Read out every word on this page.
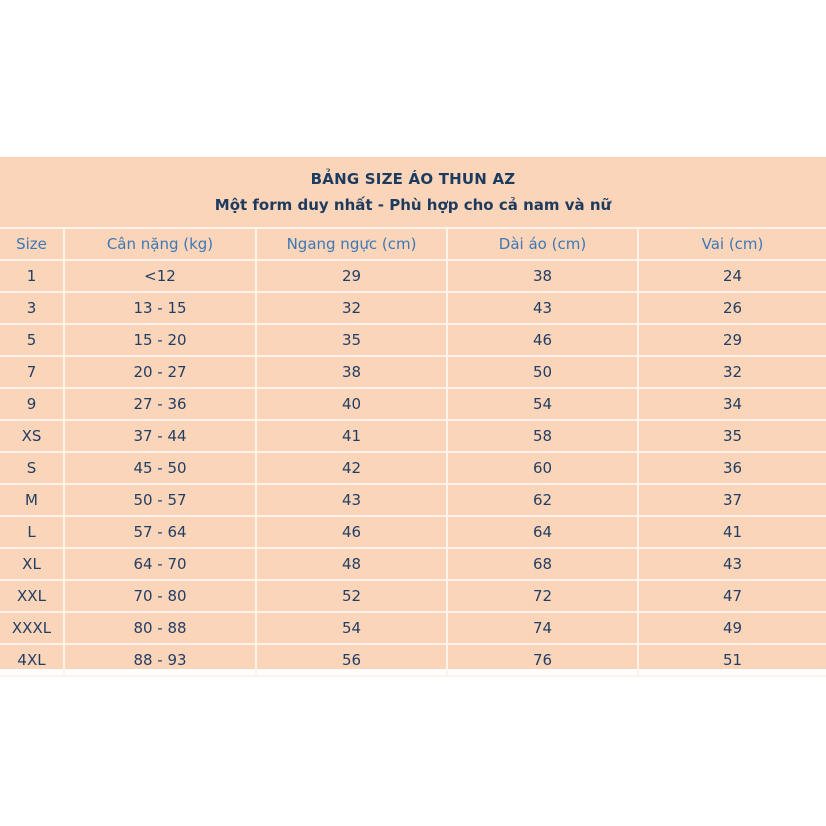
BẢNG SIZE ÁO THUN AZ
Một form duy nhất - Phù hợp cho cả nam và nữ
Size	Cân nặng (kg)	Ngang ngực (cm)	Dài áo (cm)	Vai (cm)
1	<12	29	38	24
3	13 - 15	32	43	26
5	15 - 20	35	46	29
7	20 - 27	38	50	32
9	27 - 36	40	54	34
XS	37 - 44	41	58	35
S	45 - 50	42	60	36
M	50 - 57	43	62	37
L	57 - 64	46	64	41
XL	64 - 70	48	68	43
XXL	70 - 80	52	72	47
XXXL	80 - 88	54	74	49
4XL	88 - 93	56	76	51
